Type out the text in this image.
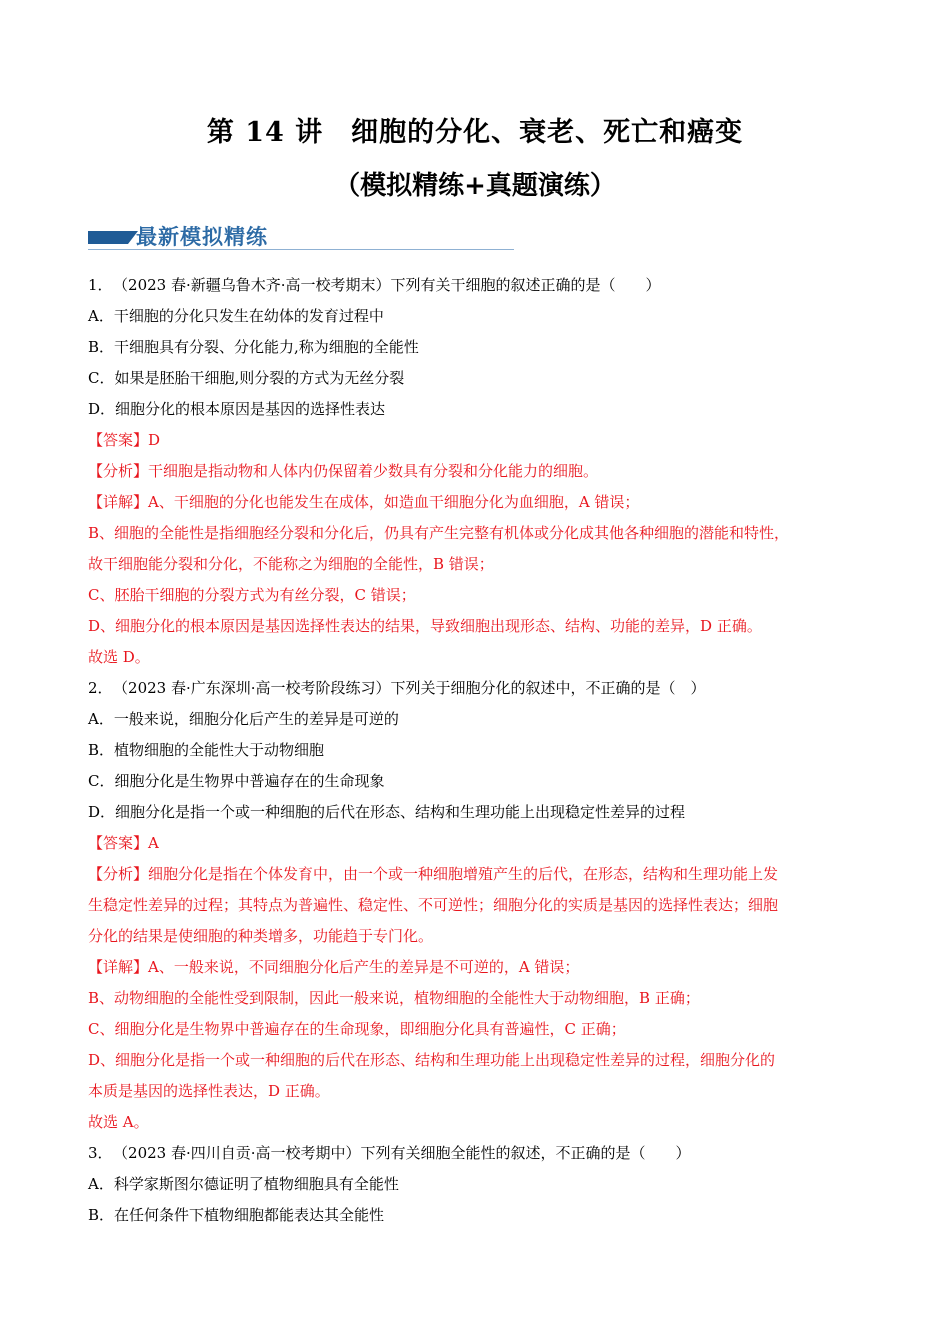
第 14 讲　细胞的分化、衰老、死亡和癌变
（模拟精练+真题演练）
最新模拟精练
1． （2023 春·新疆乌鲁木齐·高一校考期末）下列有关干细胞的叙述正确的是（　　）
A．干细胞的分化只发生在幼体的发育过程中
B．干细胞具有分裂、分化能力,称为细胞的全能性
C．如果是胚胎干细胞,则分裂的方式为无丝分裂
D．细胞分化的根本原因是基因的选择性表达
【答案】D
【分析】干细胞是指动物和人体内仍保留着少数具有分裂和分化能力的细胞。
【详解】A、干细胞的分化也能发生在成体，如造血干细胞分化为血细胞，A 错误；
B、细胞的全能性是指细胞经分裂和分化后，仍具有产生完整有机体或分化成其他各种细胞的潜能和特性，
故干细胞能分裂和分化，不能称之为细胞的全能性，B 错误；
C、胚胎干细胞的分裂方式为有丝分裂，C 错误；
D、细胞分化的根本原因是基因选择性表达的结果，导致细胞出现形态、结构、功能的差异，D 正确。
故选 D。
2． （2023 春·广东深圳·高一校考阶段练习）下列关于细胞分化的叙述中，不正确的是（　）
A．一般来说，细胞分化后产生的差异是可逆的
B．植物细胞的全能性大于动物细胞
C．细胞分化是生物界中普遍存在的生命现象
D．细胞分化是指一个或一种细胞的后代在形态、结构和生理功能上出现稳定性差异的过程
【答案】A
【分析】细胞分化是指在个体发育中，由一个或一种细胞增殖产生的后代，在形态，结构和生理功能上发
生稳定性差异的过程；其特点为普遍性、稳定性、不可逆性；细胞分化的实质是基因的选择性表达；细胞
分化的结果是使细胞的种类增多，功能趋于专门化。
【详解】A、一般来说，不同细胞分化后产生的差异是不可逆的，A 错误；
B、动物细胞的全能性受到限制，因此一般来说，植物细胞的全能性大于动物细胞，B 正确；
C、细胞分化是生物界中普遍存在的生命现象，即细胞分化具有普遍性，C 正确；
D、细胞分化是指一个或一种细胞的后代在形态、结构和生理功能上出现稳定性差异的过程，细胞分化的
本质是基因的选择性表达，D 正确。
故选 A。
3． （2023 春·四川自贡·高一校考期中）下列有关细胞全能性的叙述，不正确的是（　　）
A．科学家斯图尔德证明了植物细胞具有全能性
B．在任何条件下植物细胞都能表达其全能性
